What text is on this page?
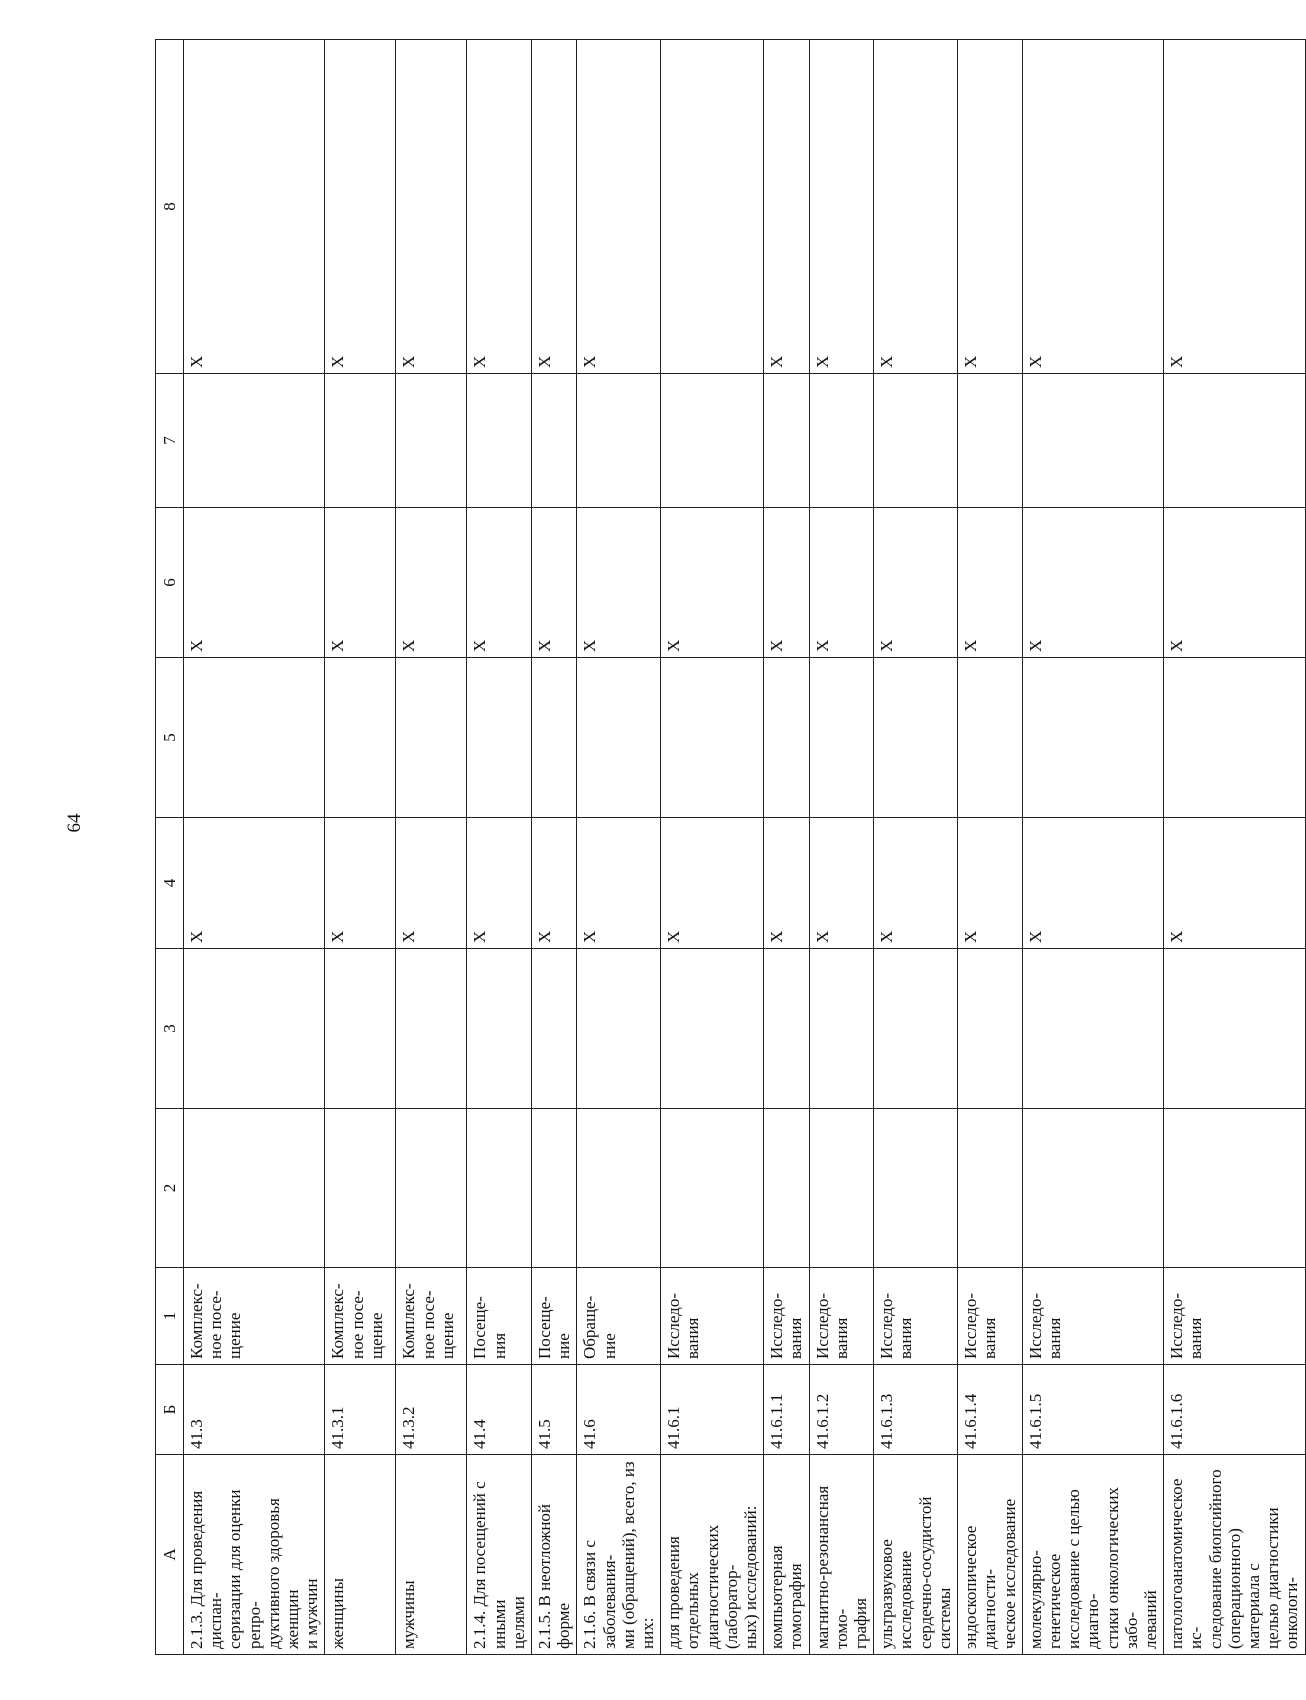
64
А	Б	1	2	3	4	5	6	7	8
2.1.3. Для проведения диспан-
серизации для оценки репро-
дуктивного здоровья женщин
и мужчин	41.3	Комплекс-
ное посе-
щение			Х		Х		Х
женщины	41.3.1	Комплекс-
ное посе-
щение			Х		Х		Х
мужчины	41.3.2	Комплекс-
ное посе-
щение			Х		Х		Х
2.1.4. Для посещений с иными
целями	41.4	Посеще-
ния			Х		Х		Х
2.1.5. В неотложной форме	41.5	Посеще-
ние			Х		Х		Х
2.1.6. В связи с заболевания-
ми (обращений), всего, из
них:	41.6	Обраще-
ние			Х		Х		Х
для проведения отдельных
диагностических (лаборатор-
ных) исследований:	41.6.1	Исследо-
вания			Х		Х		
компьютерная томография	41.6.1.1	Исследо-
вания			Х		Х		Х
магнитно-резонансная томо-
графия	41.6.1.2	Исследо-
вания			Х		Х		Х
ультразвуковое исследование
сердечно-сосудистой системы	41.6.1.3	Исследо-
вания			Х		Х		Х
эндоскопическое диагности-
ческое исследование	41.6.1.4	Исследо-
вания			Х		Х		Х
молекулярно-генетическое
исследование с целью диагно-
стики онкологических забо-
леваний	41.6.1.5	Исследо-
вания			Х		Х		Х
патологоанатомическое ис-
следование биопсийного
(операционного) материала с
целью диагностики онкологи-	41.6.1.6	Исследо-
вания			Х		Х		Х
